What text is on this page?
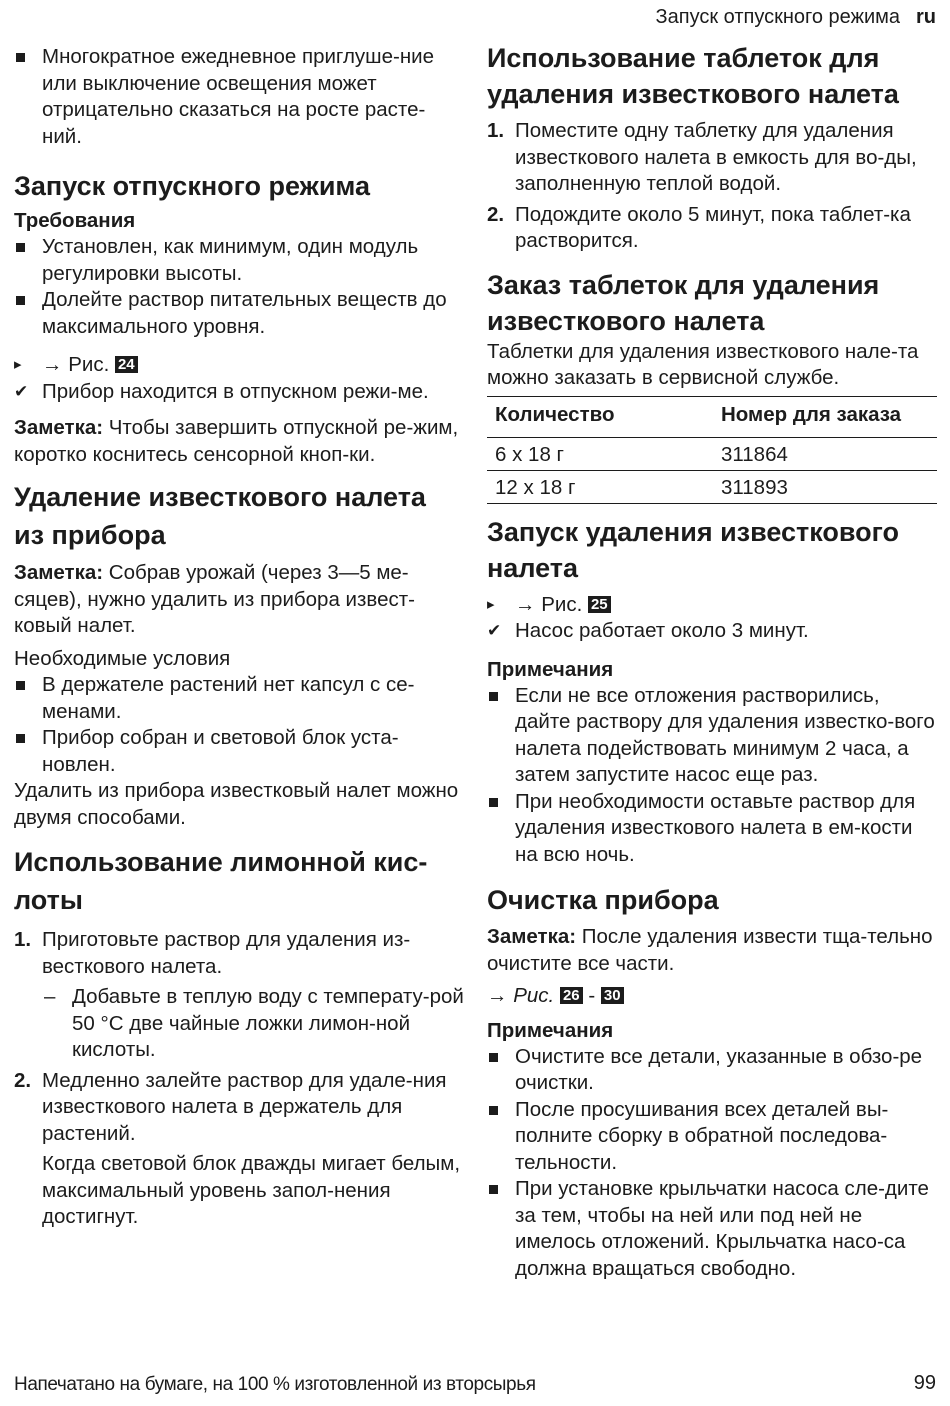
Запуск отпускного режима ru
Многократное ежедневное приглуше-ние или выключение освещения может отрицательно сказаться на росте расте-ний.
Запуск отпускного режима
Требования
Установлен, как минимум, один модуль регулировки высоты.
Долейте раствор питательных веществ до максимального уровня.
▸ → Рис. 24
✔ Прибор находится в отпускном режи-ме.

Заметка: Чтобы завершить отпускной ре-жим, коротко коснитесь сенсорной кноп-ки.

Удаление известкового налета из прибора

Заметка: Собрав урожай (через 3—5 ме-сяцев), нужно удалить из прибора извест-ковый налет.

Необходимые условия

В держателе растений нет капсул с се-менами.
Прибор собран и световой блок уста-новлен.

Удалить из прибора известковый налет можно двумя способами.

Использование лимонной кис-лоты
1. Приготовьте раствор для удаления из-весткового налета.
– Добавьте в теплую воду с температу-рой 50 °C две чайные ложки лимон-ной кислоты.
2. Медленно залейте раствор для удале-ния известкового налета в держатель для растений.
Когда световой блок дважды мигает белым, максимальный уровень запол-нения достигнут.
Использование таблеток для удаления известкового налета
1. Поместите одну таблетку для удаления известкового налета в емкость для во-ды, заполненную теплой водой.
2. Подождите около 5 минут, пока таблет-ка растворится.
Заказ таблеток для удаления известкового налета

Таблетки для удаления известкового нале-та можно заказать в сервисной службе.

Количество	Номер для заказа
6 x 18 г	311864
12 x 18 г	311893
Запуск удаления известкового налета
▸ → Рис. 25
✔ Насос работает около 3 минут.
Примечания
Если не все отложения растворились, дайте раствору для удаления известко-вого налета подействовать минимум 2 часа, а затем запустите насос еще раз.
При необходимости оставьте раствор для удаления известкового налета в ем-кости на всю ночь.
Очистка прибора

Заметка: После удаления извести тща-тельно очистите все части.

→ Рис. 26 - 30

Примечания
Очистите все детали, указанные в обзо-ре очистки.
После просушивания всех деталей вы-полните сборку в обратной последова-тельности.
При установке крыльчатки насоса сле-дите за тем, чтобы на ней или под ней не имелось отложений. Крыльчатка насо-са должна вращаться свободно.
Напечатано на бумаге, на 100 % изготовленной из вторсырья	99
